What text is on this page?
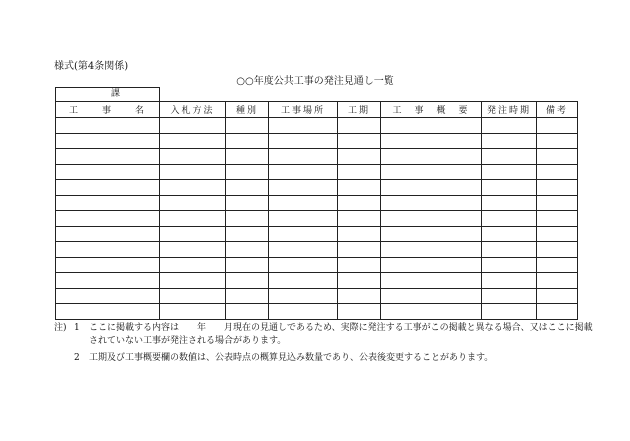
様式(第4条関係)
○○年度公共工事の発注見通し一覧
課
工　　事　　名	入札方法	種別	工事場所	工期	工　事　概　要	発注時期	備考

注) 1 ここに掲載する内容は　　年　　月現在の見通しであるため、実際に発注する工事がこの掲載と異なる場合、又はここに掲載されていない工事が発注される場合があります。
2 工期及び工事概要欄の数値は、公表時点の概算見込み数量であり、公表後変更することがあります。
